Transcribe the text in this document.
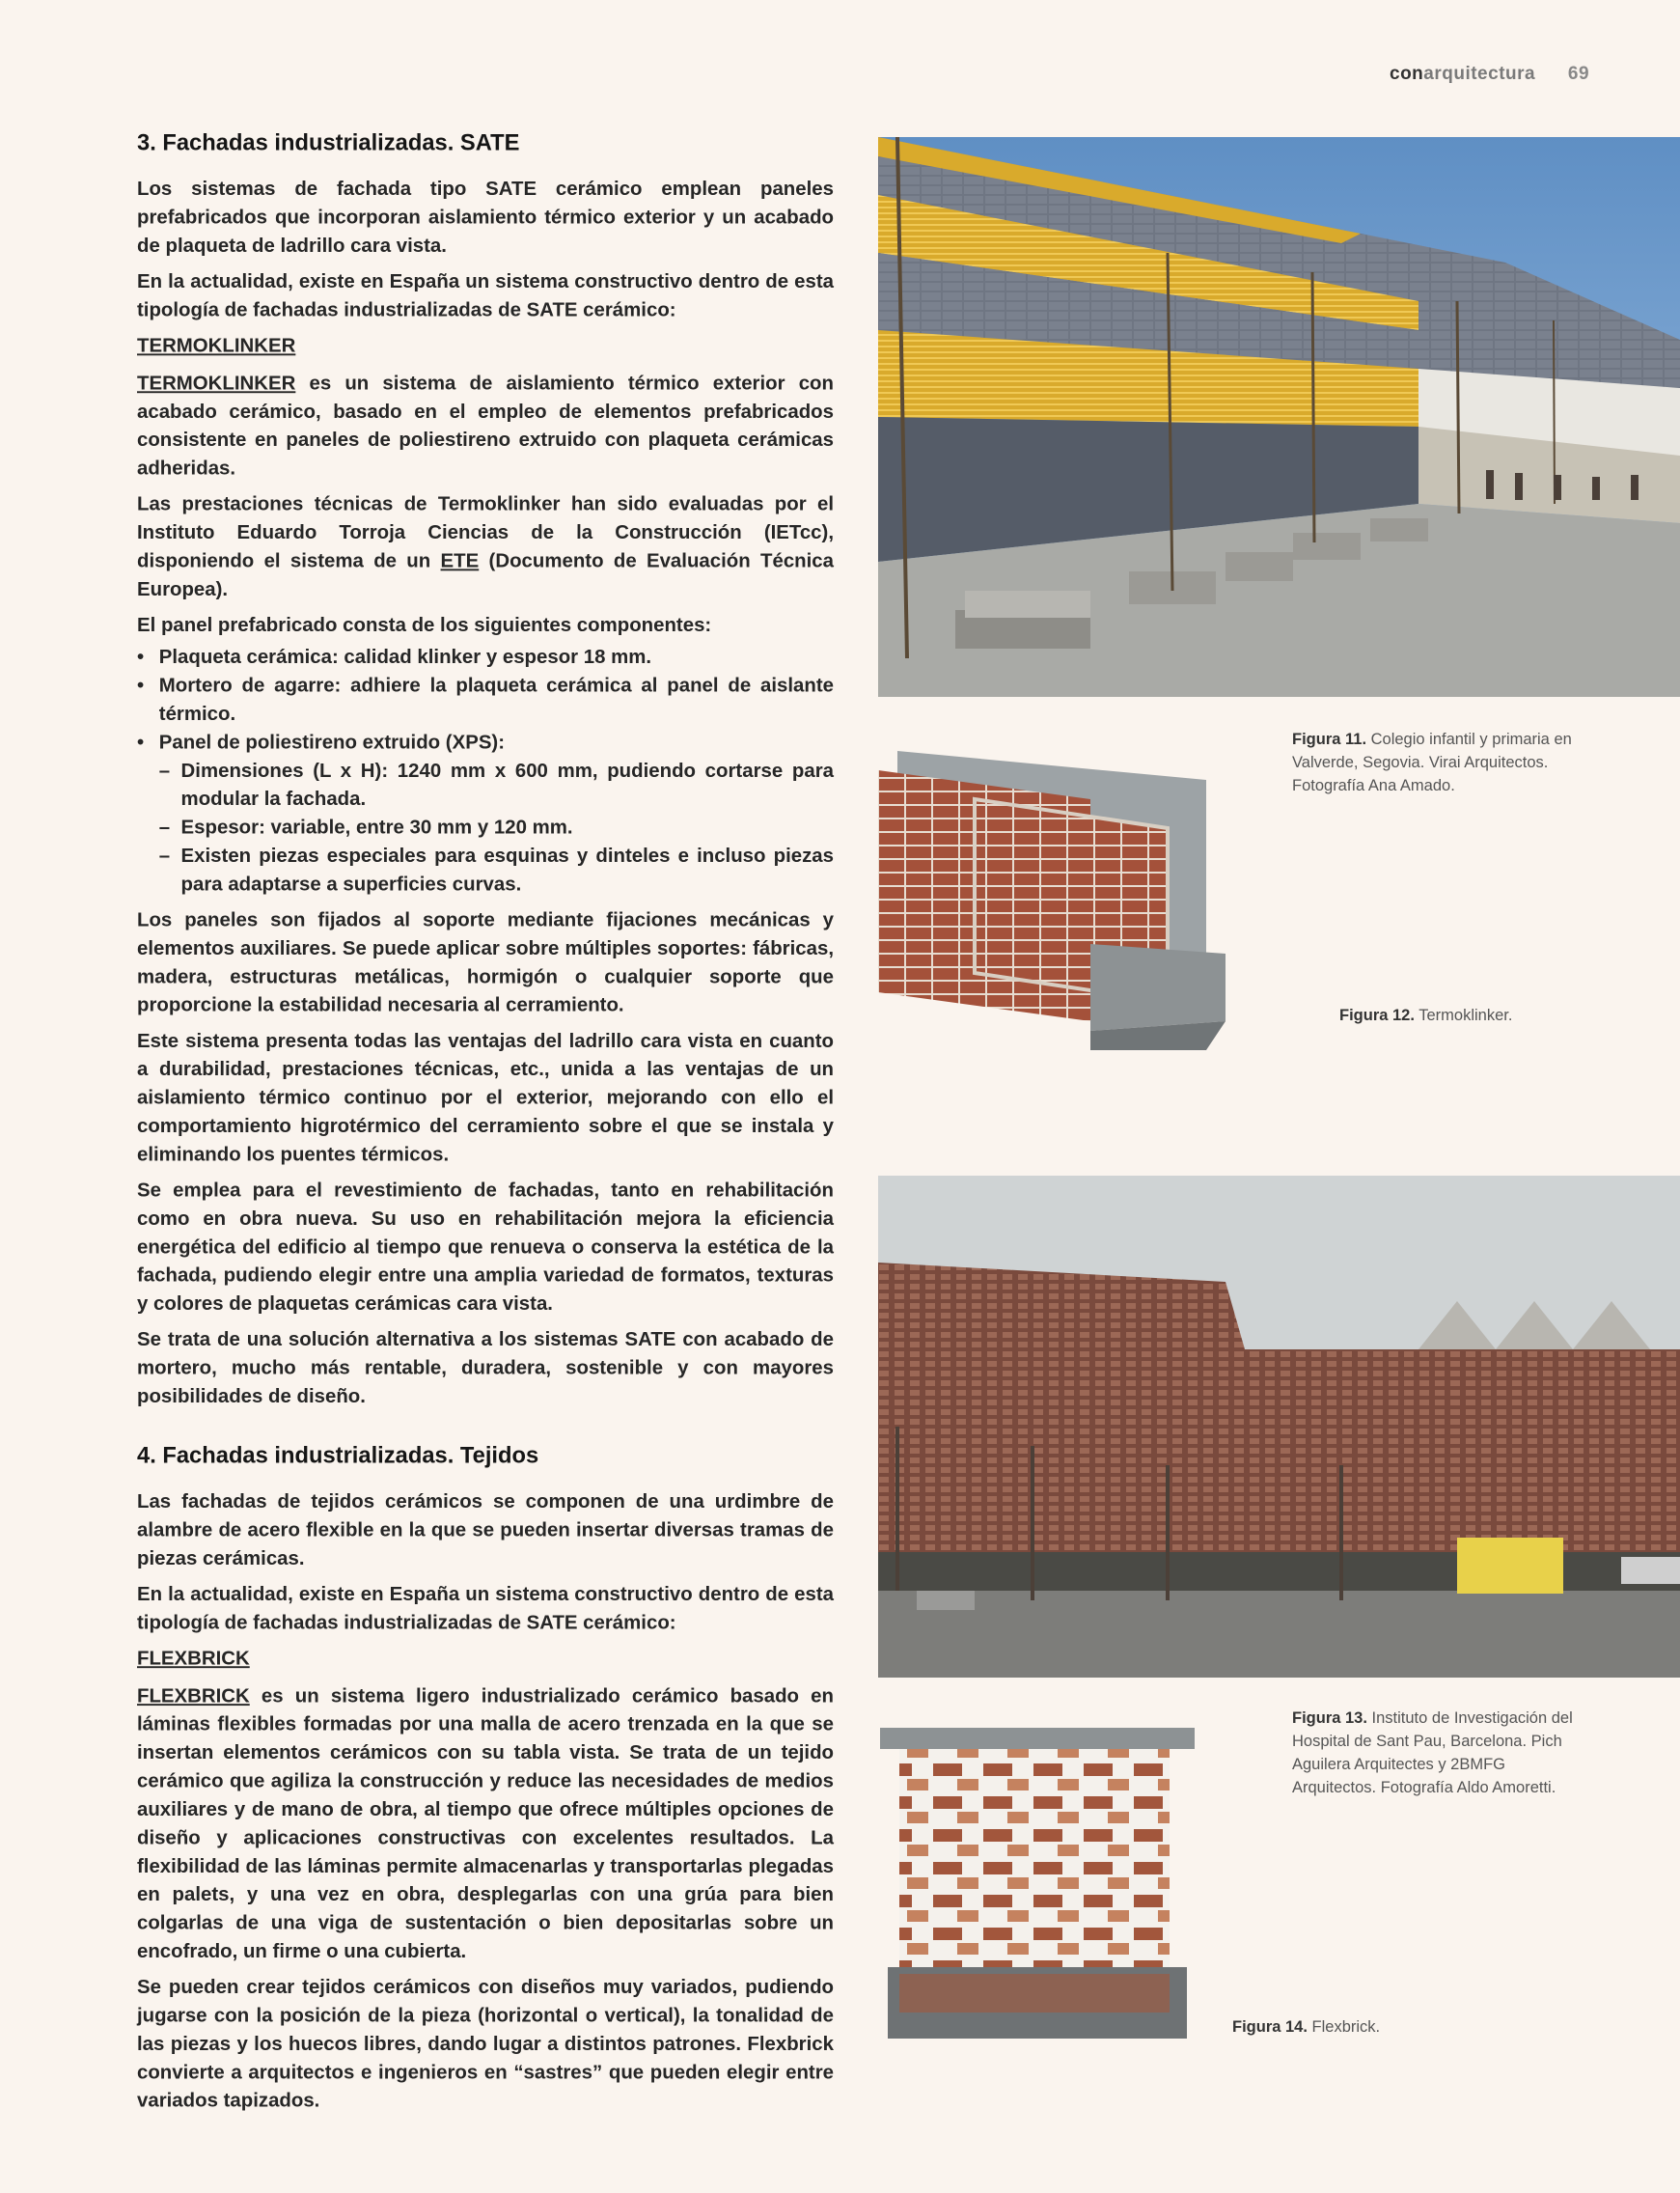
conarquitectura 69
3. Fachadas industrializadas. SATE

Los sistemas de fachada tipo SATE cerámico emplean paneles prefabricados que incorporan aislamiento térmico exterior y un acabado de plaqueta de ladrillo cara vista.

En la actualidad, existe en España un sistema constructivo dentro de esta tipología de fachadas industrializadas de SATE cerámico:

TERMOKLINKER

TERMOKLINKER es un sistema de aislamiento térmico exterior con acabado cerámico, basado en el empleo de elementos prefabricados consistente en paneles de poliestireno extruido con plaqueta cerámicas adheridas.

Las prestaciones técnicas de Termoklinker han sido evaluadas por el Instituto Eduardo Torroja Ciencias de la Construcción (IETcc), disponiendo el sistema de un ETE (Documento de Evaluación Técnica Europea).

El panel prefabricado consta de los siguientes componentes:

• Plaqueta cerámica: calidad klinker y espesor 18 mm.
• Mortero de agarre: adhiere la plaqueta cerámica al panel de aislante térmico.
• Panel de poliestireno extruido (XPS):
– Dimensiones (L x H): 1240 mm x 600 mm, pudiendo cortarse para modular la fachada.
– Espesor: variable, entre 30 mm y 120 mm.
– Existen piezas especiales para esquinas y dinteles e incluso piezas para adaptarse a superficies curvas.

Los paneles son fijados al soporte mediante fijaciones mecánicas y elementos auxiliares. Se puede aplicar sobre múltiples soportes: fábricas, madera, estructuras metálicas, hormigón o cualquier soporte que proporcione la estabilidad necesaria al cerramiento.

Este sistema presenta todas las ventajas del ladrillo cara vista en cuanto a durabilidad, prestaciones técnicas, etc., unida a las ventajas de un aislamiento térmico continuo por el exterior, mejorando con ello el comportamiento higrotérmico del cerramiento sobre el que se instala y eliminando los puentes térmicos.

Se emplea para el revestimiento de fachadas, tanto en rehabilitación como en obra nueva. Su uso en rehabilitación mejora la eficiencia energética del edificio al tiempo que renueva o conserva la estética de la fachada, pudiendo elegir entre una amplia variedad de formatos, texturas y colores de plaquetas cerámicas cara vista.

Se trata de una solución alternativa a los sistemas SATE con acabado de mortero, mucho más rentable, duradera, sostenible y con mayores posibilidades de diseño.

4. Fachadas industrializadas. Tejidos

Las fachadas de tejidos cerámicos se componen de una urdimbre de alambre de acero flexible en la que se pueden insertar diversas tramas de piezas cerámicas.

En la actualidad, existe en España un sistema constructivo dentro de esta tipología de fachadas industrializadas de SATE cerámico:

FLEXBRICK

FLEXBRICK es un sistema ligero industrializado cerámico basado en láminas flexibles formadas por una malla de acero trenzada en la que se insertan elementos cerámicos con su tabla vista. Se trata de un tejido cerámico que agiliza la construcción y reduce las necesidades de medios auxiliares y de mano de obra, al tiempo que ofrece múltiples opciones de diseño y aplicaciones constructivas con excelentes resultados. La flexibilidad de las láminas permite almacenarlas y transportarlas plegadas en palets, y una vez en obra, desplegarlas con una grúa para bien colgarlas de una viga de sustentación o bien depositarlas sobre un encofrado, un firme o una cubierta.

Se pueden crear tejidos cerámicos con diseños muy variados, pudiendo jugarse con la posición de la pieza (horizontal o vertical), la tonalidad de las piezas y los huecos libres, dando lugar a distintos patrones. Flexbrick convierte a arquitectos e ingenieros en “sastres” que pueden elegir entre variados tapizados.

Figura 11. Colegio infantil y primaria en Valverde, Segovia. Virai Arquitectos. Fotografía Ana Amado.
Figura 12. Termoklinker.
Figura 13. Instituto de Investigación del Hospital de Sant Pau, Barcelona. Pich Aguilera Arquitectes y 2BMFG Arquitectos. Fotografía Aldo Amoretti.
Figura 14. Flexbrick.
